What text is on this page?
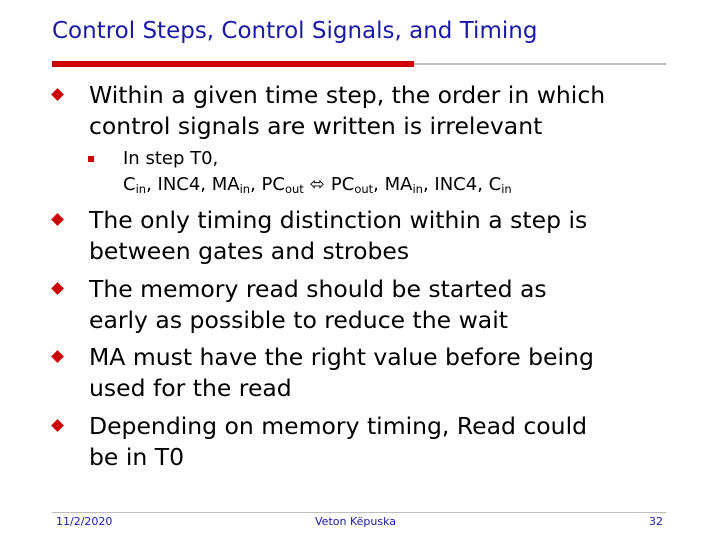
Control Steps, Control Signals, and Timing
Within a given time step, the order in which
control signals are written is irrelevant
In step T0,
$C_{in}$, INC4, $MA_{in}$, $PC_{out}$ ⬄ $PC_{out}$, $MA_{in}$, INC4, $C_{in}$
The only timing distinction within a step is
between gates and strobes
The memory read should be started as
early as possible to reduce the wait
MA must have the right value before being
used for the read
Depending on memory timing, Read could
be in T0
11/2/2020	Veton Këpuska	32
